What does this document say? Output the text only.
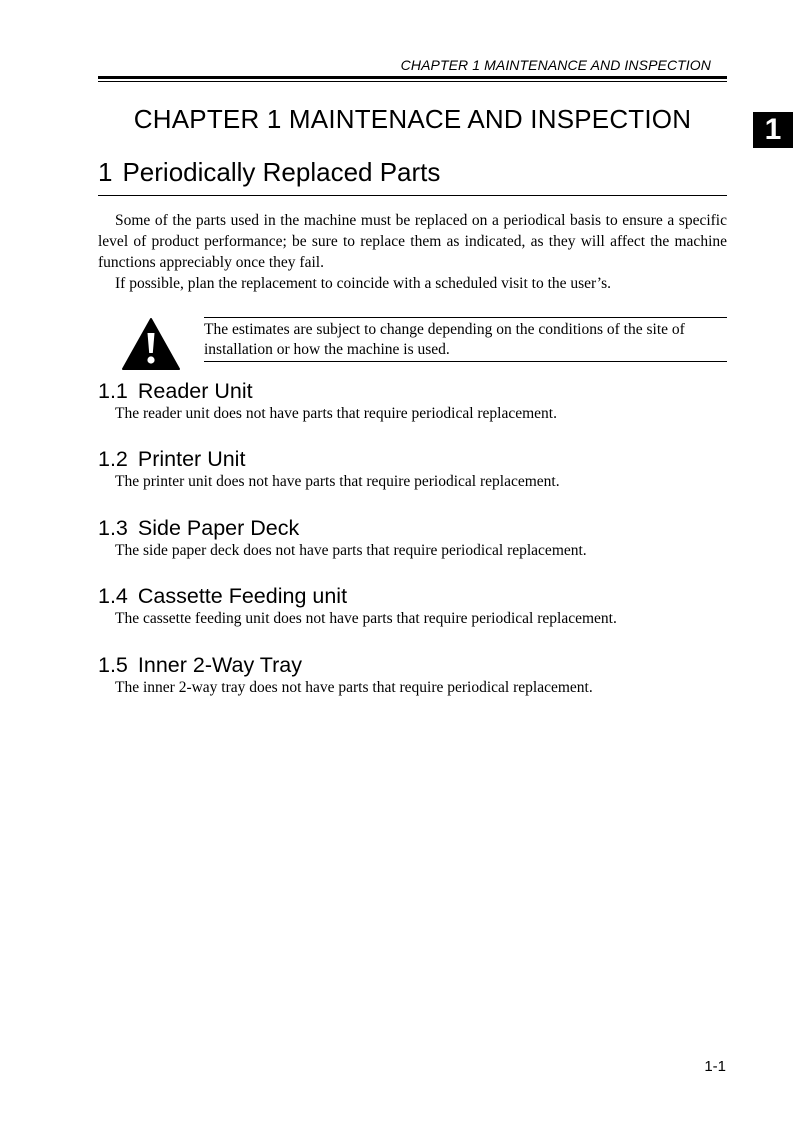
CHAPTER 1 MAINTENANCE AND INSPECTION
1
CHAPTER 1 MAINTENACE AND INSPECTION
1 Periodically Replaced Parts

Some of the parts used in the machine must be replaced on a periodical basis to ensure a specific level of product performance; be sure to replace them as indicated, as they will affect the machine functions appreciably once they fail.

If possible, plan the replacement to coincide with a scheduled visit to the user’s.

The estimates are subject to change depending on the conditions of the site of installation or how the machine is used.
1.1 Reader Unit

The reader unit does not have parts that require periodical replacement.

1.2 Printer Unit

The printer unit does not have parts that require periodical replacement.

1.3 Side Paper Deck

The side paper deck does not have parts that require periodical replacement.

1.4 Cassette Feeding unit

The cassette feeding unit does not have parts that require periodical replacement.

1.5 Inner 2-Way Tray

The inner 2-way tray does not have parts that require periodical replacement.

1-1
